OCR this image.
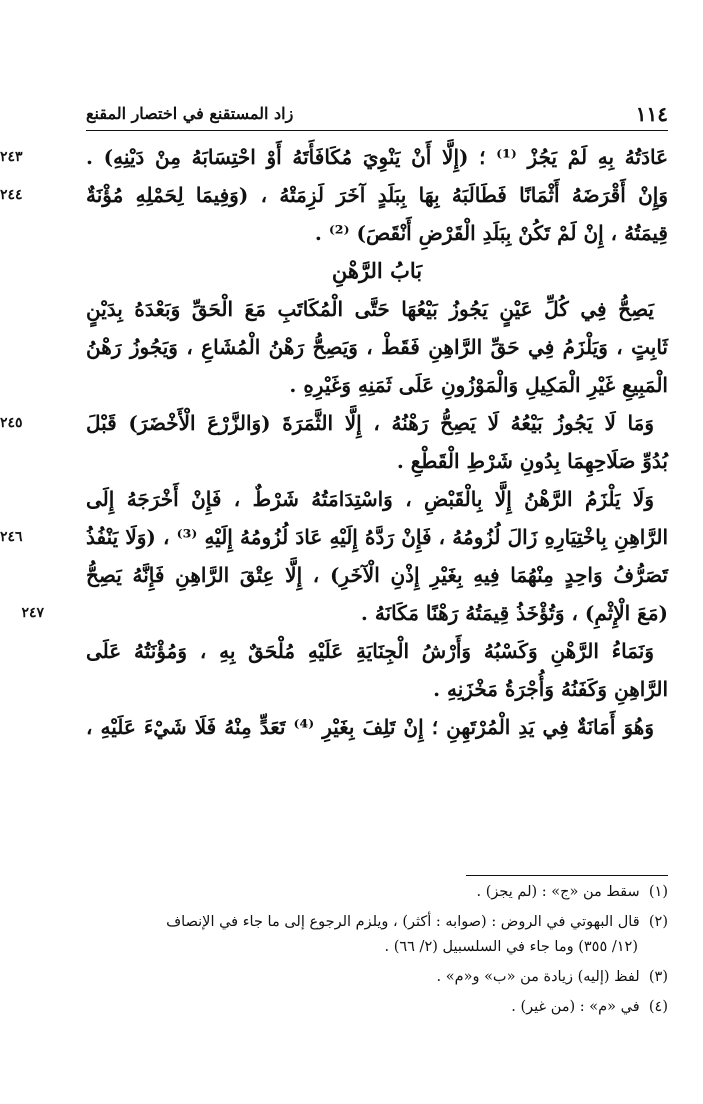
١١٤
زاد المستقنع في اختصار المقنع
عَادَتُهُ بِهِ لَمْ يَجُزْ ⁽¹⁾ ؛ (إِلَّا أَنْ يَنْوِيَ مُكَافَأَتَهُ أَوْ احْتِسَابَهُ مِنْ دَيْنِهِ) .
٢٤٣
وَإِنْ أَقْرَضَهُ أَثْمَانًا فَطَالَبَهُ بِهَا بِبَلَدٍ آخَرَ لَزِمَتْهُ ، (وَفِيمَا لِحَمْلِهِ مُؤْنَةٌ
٢٤٤
قِيمَتُهُ ، إِنْ لَمْ تَكُنْ بِبَلَدِ الْقَرْضِ أَنْقَصَ) ⁽²⁾ .
بَابُ الرَّهْنِ
يَصِحُّ فِي كُلِّ عَيْنٍ يَجُوزُ بَيْعُهَا حَتَّى الْمُكَاتَبِ مَعَ الْحَقِّ وَبَعْدَهُ بِدَيْنٍ
ثَابِتٍ ، وَيَلْزَمُ فِي حَقِّ الرَّاهِنِ فَقَطْ ، وَيَصِحُّ رَهْنُ الْمُشَاعِ ، وَيَجُوزُ رَهْنُ
الْمَبِيعِ غَيْرِ الْمَكِيلِ وَالْمَوْزُونِ عَلَى ثَمَنِهِ وَغَيْرِهِ .
وَمَا لَا يَجُوزُ بَيْعُهُ لَا يَصِحُّ رَهْنُهُ ، إِلَّا الثَّمَرَةَ (وَالزَّرْعَ الْأَخْضَرَ) قَبْلَ
٢٤٥
بُدُوِّ صَلَاحِهِمَا بِدُونِ شَرْطِ الْقَطْعِ .
وَلَا يَلْزَمُ الرَّهْنُ إِلَّا بِالْقَبْضِ ، وَاسْتِدَامَتُهُ شَرْطٌ ، فَإِنْ أَخْرَجَهُ إِلَى
الرَّاهِنِ بِاخْتِيَارِهِ زَالَ لُزُومُهُ ، فَإِنْ رَدَّهُ إِلَيْهِ عَادَ لُزُومُهُ إِلَيْهِ ⁽³⁾ ، (وَلَا يَنْفُذُ
٢٤٦
تَصَرُّفُ وَاحِدٍ مِنْهُمَا فِيهِ بِغَيْرِ إِذْنِ الْآخَرِ) ، إِلَّا عِتْقَ الرَّاهِنِ فَإِنَّهُ يَصِحُّ
(مَعَ الْإِثْمِ) ، وَتُؤْخَذُ قِيمَتُهُ رَهْنًا مَكَانَهُ .
٢٤٧
وَنَمَاءُ الرَّهْنِ وَكَسْبُهُ وَأَرْشُ الْجِنَايَةِ عَلَيْهِ مُلْحَقٌ بِهِ ، وَمُؤْنَتُهُ عَلَى
الرَّاهِنِ وَكَفَنُهُ وَأُجْرَةُ مَخْزَنِهِ .
وَهُوَ أَمَانَةٌ فِي يَدِ الْمُرْتَهِنِ ؛ إِنْ تَلِفَ بِغَيْرِ ⁽⁴⁾ تَعَدٍّ مِنْهُ فَلَا شَيْءَ عَلَيْهِ ،
(١)  سقط من «ج» : (لم يجز) .
(٢)  قال البهوتي في الروض : (صوابه : أكثر) ، ويلزم الرجوع إلى ما جاء في الإنصاف
(١٢/ ٣٥٥) وما جاء في السلسبيل (٢/ ٦٦) .
(٣)  لفظ (إليه) زيادة من «ب» و«م» .
(٤)  في «م» : (من غير) .
